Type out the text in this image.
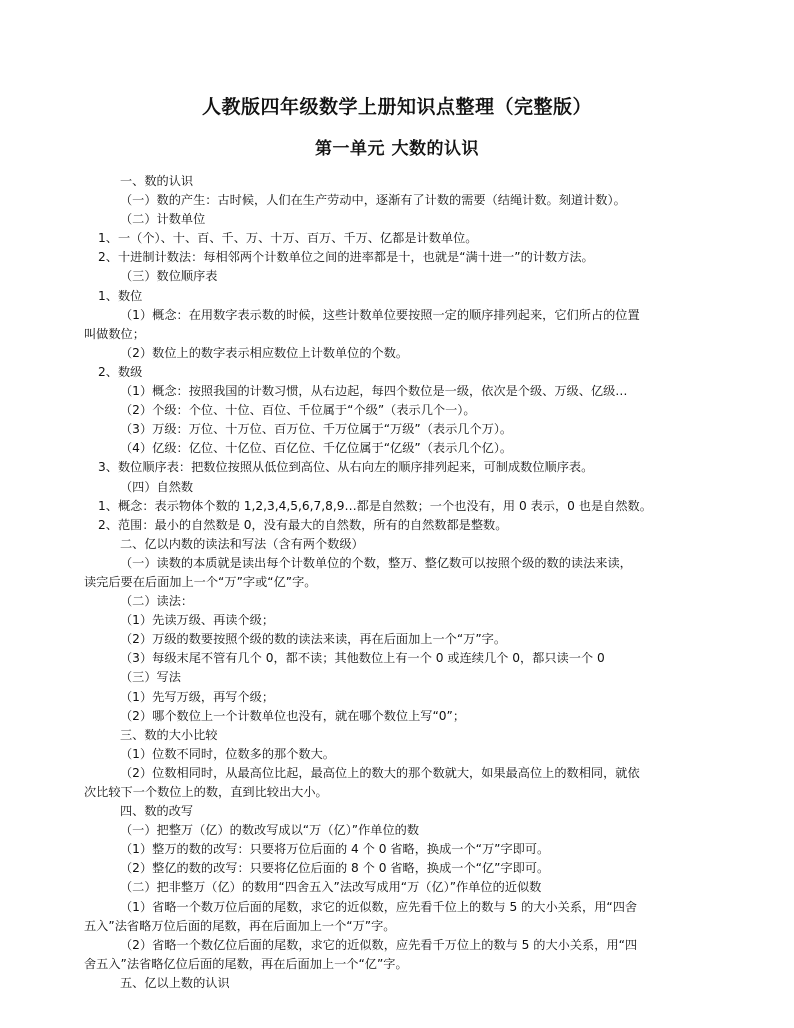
人教版四年级数学上册知识点整理（完整版）
第一单元 大数的认识

一、数的认识

（一）数的产生：古时候，人们在生产劳动中，逐渐有了计数的需要（结绳计数。刻道计数）。

（二）计数单位

1、一（个）、十、百、千、万、十万、百万、千万、亿都是计数单位。

2、十进制计数法：每相邻两个计数单位之间的进率都是十，也就是“满十进一”的计数方法。

（三）数位顺序表

1、数位

（1）概念：在用数字表示数的时候，这些计数单位要按照一定的顺序排列起来，它们所占的位置

叫做数位；

（2）数位上的数字表示相应数位上计数单位的个数。

2、数级

（1）概念：按照我国的计数习惯，从右边起，每四个数位是一级，依次是个级、万级、亿级…

（2）个级：个位、十位、百位、千位属于“个级”（表示几个一）。

（3）万级：万位、十万位、百万位、千万位属于“万级”（表示几个万）。

（4）亿级：亿位、十亿位、百亿位、千亿位属于“亿级”（表示几个亿）。

3、数位顺序表：把数位按照从低位到高位、从右向左的顺序排列起来，可制成数位顺序表。

（四）自然数

1、概念：表示物体个数的 1,2,3,4,5,6,7,8,9…都是自然数；一个也没有，用 0 表示，0 也是自然数。

2、范围：最小的自然数是 0，没有最大的自然数，所有的自然数都是整数。

二、亿以内数的读法和写法（含有两个数级）

（一）读数的本质就是读出每个计数单位的个数，整万、整亿数可以按照个级的数的读法来读，

读完后要在后面加上一个“万”字或“亿”字。

（二）读法：

（1）先读万级、再读个级；

（2）万级的数要按照个级的数的读法来读，再在后面加上一个“万”字。

（3）每级末尾不管有几个 0，都不读；其他数位上有一个 0 或连续几个 0，都只读一个 0

（三）写法

（1）先写万级，再写个级；

（2）哪个数位上一个计数单位也没有，就在哪个数位上写“0”；

三、数的大小比较

（1）位数不同时，位数多的那个数大。

（2）位数相同时，从最高位比起，最高位上的数大的那个数就大，如果最高位上的数相同，就依

次比较下一个数位上的数，直到比较出大小。

四、数的改写

（一）把整万（亿）的数改写成以“万（亿）”作单位的数

（1）整万的数的改写：只要将万位后面的 4 个 0 省略，换成一个“万”字即可。

（2）整亿的数的改写：只要将亿位后面的 8 个 0 省略，换成一个“亿”字即可。

（二）把非整万（亿）的数用“四舍五入”法改写成用“万（亿）”作单位的近似数

（1）省略一个数万位后面的尾数，求它的近似数，应先看千位上的数与 5 的大小关系，用“四舍

五入”法省略万位后面的尾数，再在后面加上一个“万”字。

（2）省略一个数亿位后面的尾数，求它的近似数，应先看千万位上的数与 5 的大小关系，用“四

舍五入”法省略亿位后面的尾数，再在后面加上一个“亿”字。

五、亿以上数的认识
